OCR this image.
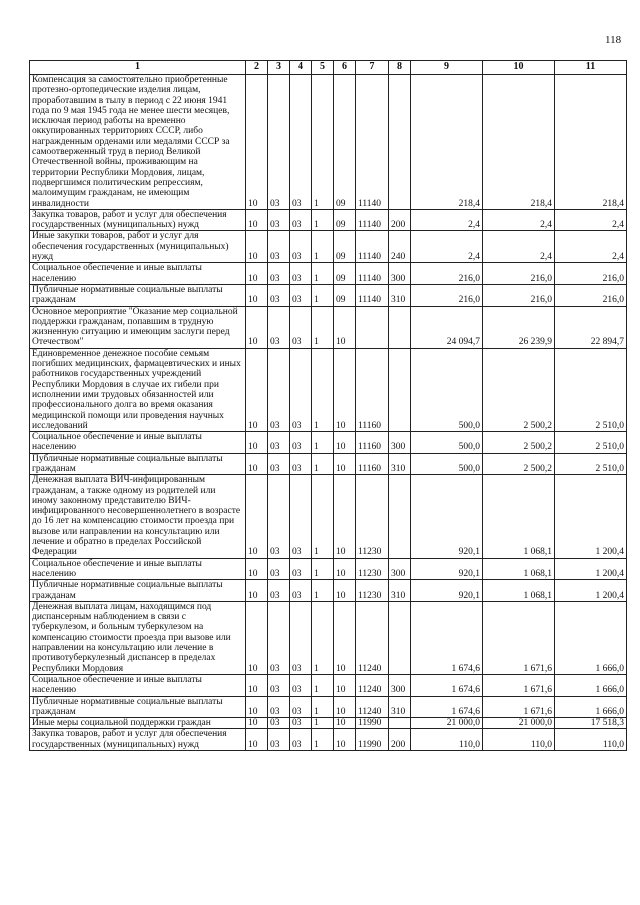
118
1	2	3	4	5	6	7	8	9	10	11
Компенсация за самостоятельно приобретенные протезно-ортопедические изделия лицам, проработавшим в тылу в период с 22 июня 1941 года по 9 мая 1945 года не менее шести месяцев, исключая период работы на временно оккупированных территориях СССР, либо награжденным орденами или медалями СССР за самоотверженный труд в период Великой Отечественной войны, проживающим на территории Республики Мордовия, лицам, подвергшимся политическим репрессиям, малоимущим гражданам, не имеющим инвалидности	10	03	03	1	09	11140		218,4	218,4	218,4
Закупка товаров, работ и услуг для обеспечения государственных (муниципальных) нужд	10	03	03	1	09	11140	200	2,4	2,4	2,4
Иные закупки товаров, работ и услуг для обеспечения государственных (муниципальных) нужд	10	03	03	1	09	11140	240	2,4	2,4	2,4
Социальное обеспечение и иные выплаты населению	10	03	03	1	09	11140	300	216,0	216,0	216,0
Публичные нормативные социальные выплаты гражданам	10	03	03	1	09	11140	310	216,0	216,0	216,0
Основное мероприятие "Оказание мер социальной поддержки гражданам, попавшим в трудную жизненную ситуацию и имеющим заслуги перед Отечеством"	10	03	03	1	10			24 094,7	26 239,9	22 894,7
Единовременное денежное пособие семьям погибших медицинских, фармацевтических и иных работников государственных учреждений Республики Мордовия в случае их гибели при исполнении ими трудовых обязанностей или профессионального долга во время оказания медицинской помощи или проведения научных исследований	10	03	03	1	10	11160		500,0	2 500,2	2 510,0
Социальное обеспечение и иные выплаты населению	10	03	03	1	10	11160	300	500,0	2 500,2	2 510,0
Публичные нормативные социальные выплаты гражданам	10	03	03	1	10	11160	310	500,0	2 500,2	2 510,0
Денежная выплата ВИЧ-инфицированным гражданам, а также одному из родителей или иному законному представителю ВИЧ-инфицированного несовершеннолетнего в возрасте до 16 лет на компенсацию стоимости проезда при вызове или направлении на консультацию или лечение и обратно в пределах Российской Федерации	10	03	03	1	10	11230		920,1	1 068,1	1 200,4
Социальное обеспечение и иные выплаты населению	10	03	03	1	10	11230	300	920,1	1 068,1	1 200,4
Публичные нормативные социальные выплаты гражданам	10	03	03	1	10	11230	310	920,1	1 068,1	1 200,4
Денежная выплата лицам, находящимся под диспансерным наблюдением в связи с туберкулезом, и больным туберкулезом на компенсацию стоимости проезда при вызове или направлении на консультацию или лечение в противотуберкулезный диспансер в пределах Республики Мордовия	10	03	03	1	10	11240		1 674,6	1 671,6	1 666,0
Социальное обеспечение и иные выплаты населению	10	03	03	1	10	11240	300	1 674,6	1 671,6	1 666,0
Публичные нормативные социальные выплаты гражданам	10	03	03	1	10	11240	310	1 674,6	1 671,6	1 666,0
Иные меры социальной поддержки граждан	10	03	03	1	10	11990		21 000,0	21 000,0	17 518,3
Закупка товаров, работ и услуг для обеспечения государственных (муниципальных) нужд	10	03	03	1	10	11990	200	110,0	110,0	110,0
